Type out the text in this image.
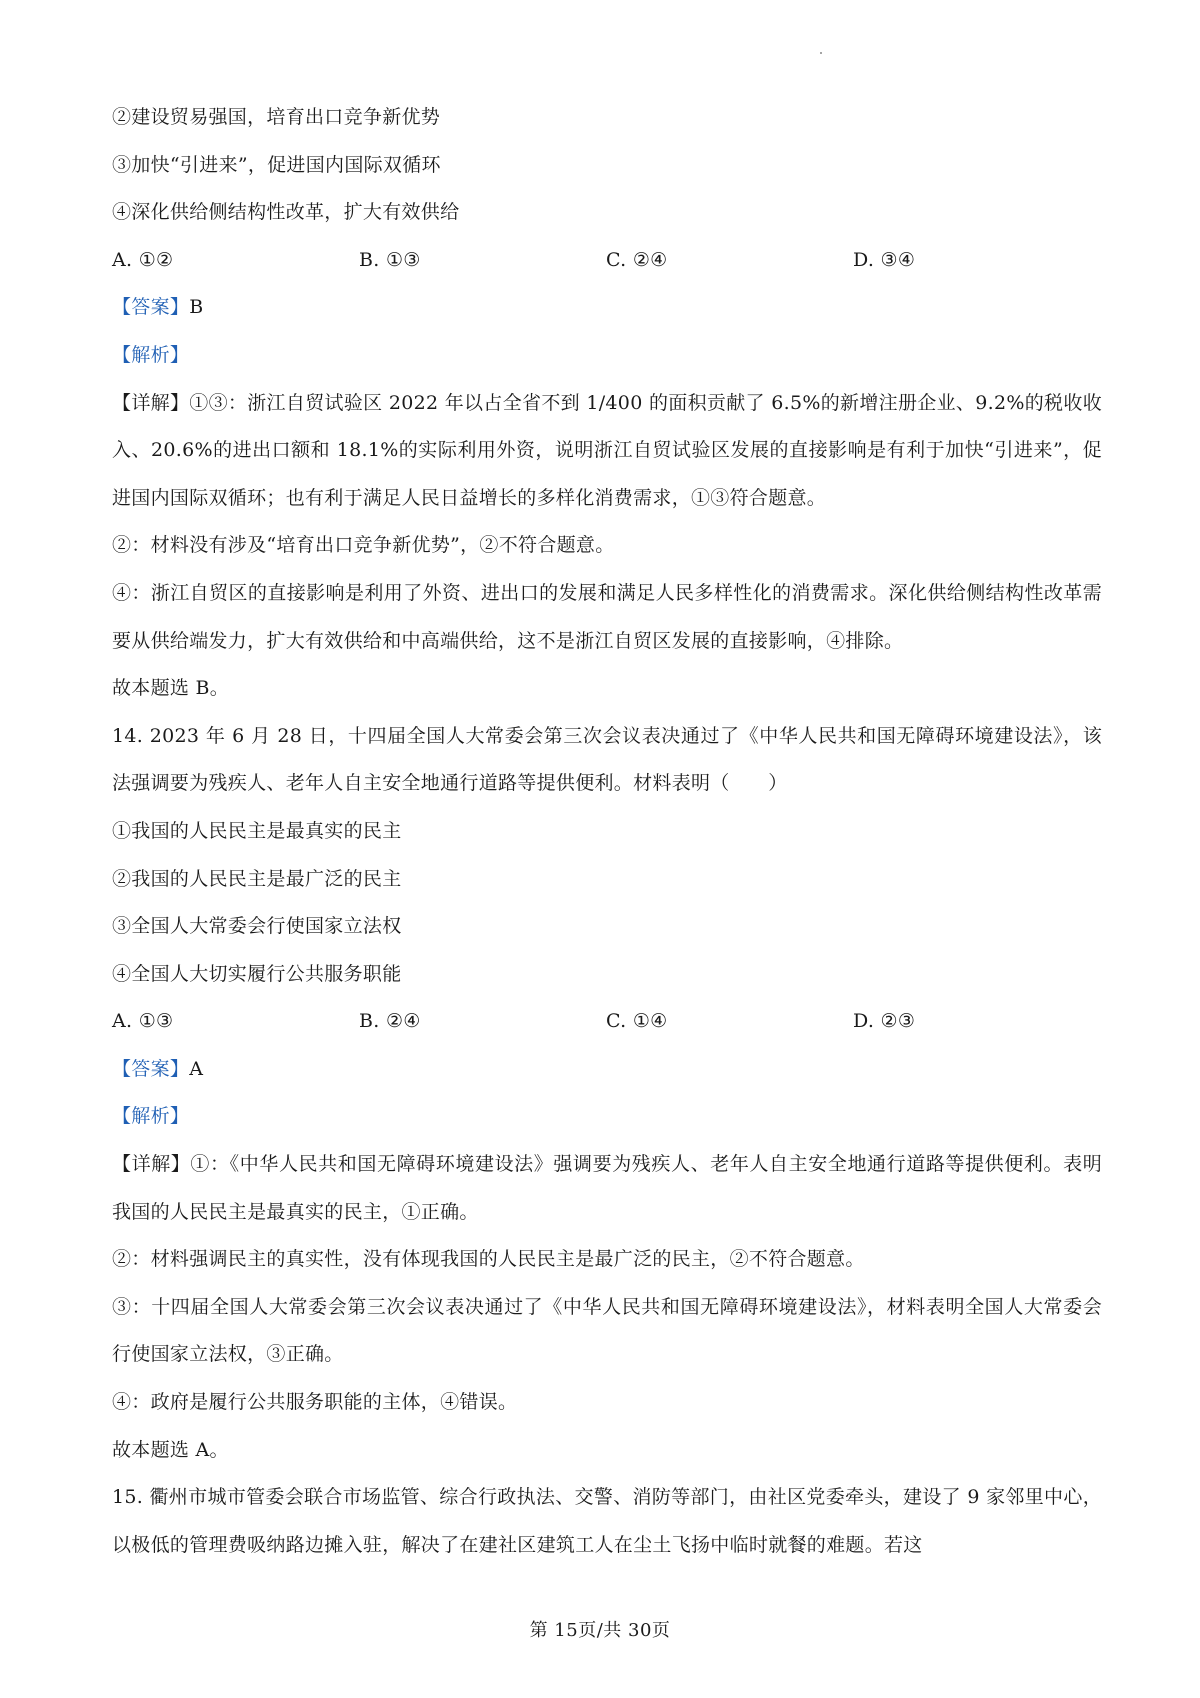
②建设贸易强国，培育出口竞争新优势
③加快“引进来”，促进国内国际双循环
④深化供给侧结构性改革，扩大有效供给
A. ①②	B. ①③	C. ②④	D. ③④
【答案】B
【解析】
【详解】①③：浙江自贸试验区 2022 年以占全省不到 1/400 的面积贡献了 6.5%的新增注册企业、9.2%的税收收入、20.6%的进出口额和 18.1%的实际利用外资，说明浙江自贸试验区发展的直接影响是有利于加快“引进来”，促进国内国际双循环；也有利于满足人民日益增长的多样化消费需求，①③符合题意。
②：材料没有涉及“培育出口竞争新优势”，②不符合题意。
④：浙江自贸区的直接影响是利用了外资、进出口的发展和满足人民多样性化的消费需求。深化供给侧结构性改革需要从供给端发力，扩大有效供给和中高端供给，这不是浙江自贸区发展的直接影响，④排除。
故本题选 B。
14. 2023 年 6 月 28 日，十四届全国人大常委会第三次会议表决通过了《中华人民共和国无障碍环境建设法》，该法强调要为残疾人、老年人自主安全地通行道路等提供便利。材料表明（　　）
①我国的人民民主是最真实的民主
②我国的人民民主是最广泛的民主
③全国人大常委会行使国家立法权
④全国人大切实履行公共服务职能
A. ①③	B. ②④	C. ①④	D. ②③
【答案】A
【解析】
【详解】①：《中华人民共和国无障碍环境建设法》强调要为残疾人、老年人自主安全地通行道路等提供便利。表明我国的人民民主是最真实的民主，①正确。
②：材料强调民主的真实性，没有体现我国的人民民主是最广泛的民主，②不符合题意。
③：十四届全国人大常委会第三次会议表决通过了《中华人民共和国无障碍环境建设法》，材料表明全国人大常委会行使国家立法权，③正确。
④：政府是履行公共服务职能的主体，④错误。
故本题选 A。
15. 衢州市城市管委会联合市场监管、综合行政执法、交警、消防等部门，由社区党委牵头，建设了 9 家邻里中心，以极低的管理费吸纳路边摊入驻，解决了在建社区建筑工人在尘土飞扬中临时就餐的难题。若这
第 15页/共 30页
